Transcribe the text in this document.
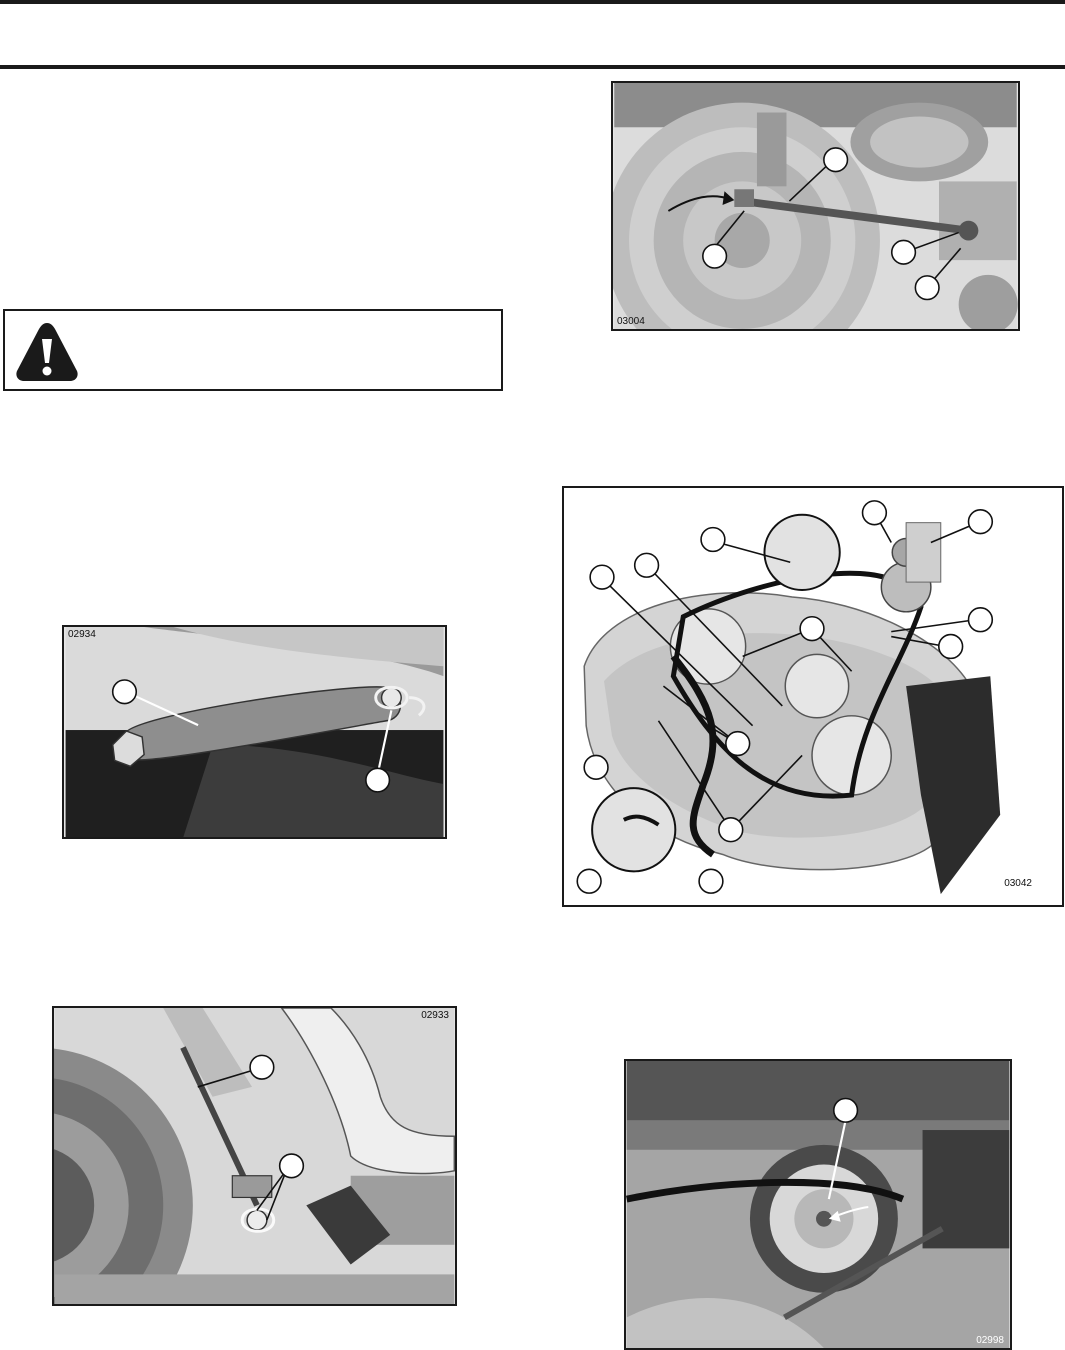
03004
03042
02934
02933
02998
